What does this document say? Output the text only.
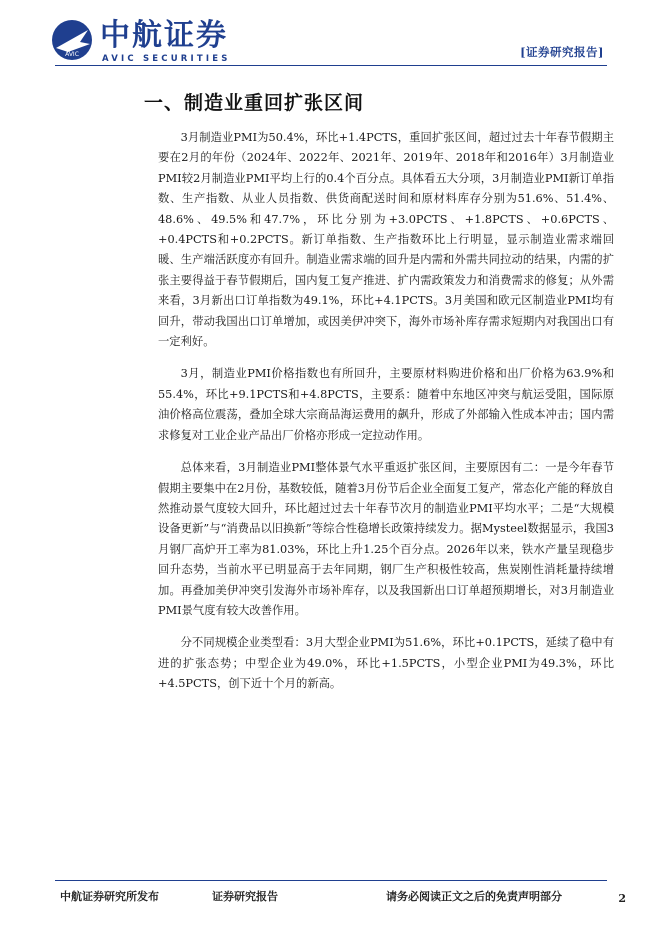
AVIC
中航证券
AVIC SECURITIES	[证券研究报告]
一、制造业重回扩张区间

3月制造业PMI为50.4%，环比+1.4PCTS，重回扩张区间，超过过去十年春节假期主要在2月的年份（2024年、2022年、2021年、2019年、2018年和2016年）3月制造业PMI较2月制造业PMI平均上行的0.4个百分点。具体看五大分项，3月制造业PMI新订单指数、生产指数、从业人员指数、供货商配送时间和原材料库存分别为51.6%、51.4%、48.6%、49.5%和47.7%，环比分别为+3.0PCTS、+1.8PCTS、+0.6PCTS、+0.4PCTS和+0.2PCTS。新订单指数、生产指数环比上行明显，显示制造业需求端回暖、生产端活跃度亦有回升。制造业需求端的回升是内需和外需共同拉动的结果，内需的扩张主要得益于春节假期后，国内复工复产推进、扩内需政策发力和消费需求的修复；从外需来看，3月新出口订单指数为49.1%，环比+4.1PCTS。3月美国和欧元区制造业PMI均有回升，带动我国出口订单增加，或因美伊冲突下，海外市场补库存需求短期内对我国出口有一定利好。

3月，制造业PMI价格指数也有所回升，主要原材料购进价格和出厂价格为63.9%和55.4%，环比+9.1PCTS和+4.8PCTS，主要系：随着中东地区冲突与航运受阻，国际原油价格高位震荡，叠加全球大宗商品海运费用的飙升，形成了外部输入性成本冲击；国内需求修复对工业企业产品出厂价格亦形成一定拉动作用。

总体来看，3月制造业PMI整体景气水平重返扩张区间，主要原因有二：一是今年春节假期主要集中在2月份，基数较低，随着3月份节后企业全面复工复产，常态化产能的释放自然推动景气度较大回升，环比超过过去十年春节次月的制造业PMI平均水平；二是“大规模设备更新”与“消费品以旧换新”等综合性稳增长政策持续发力。据Mysteel数据显示，我国3月钢厂高炉开工率为81.03%，环比上升1.25个百分点。2026年以来，铁水产量呈现稳步回升态势，当前水平已明显高于去年同期，钢厂生产积极性较高，焦炭刚性消耗量持续增加。再叠加美伊冲突引发海外市场补库存，以及我国新出口订单超预期增长，对3月制造业PMI景气度有较大改善作用。

分不同规模企业类型看：3月大型企业PMI为51.6%，环比+0.1PCTS，延续了稳中有进的扩张态势；中型企业为49.0%，环比+1.5PCTS，小型企业PMI为49.3%，环比+4.5PCTS，创下近十个月的新高。

中航证券研究所发布	证券研究报告	请务必阅读正文之后的免责声明部分	2
